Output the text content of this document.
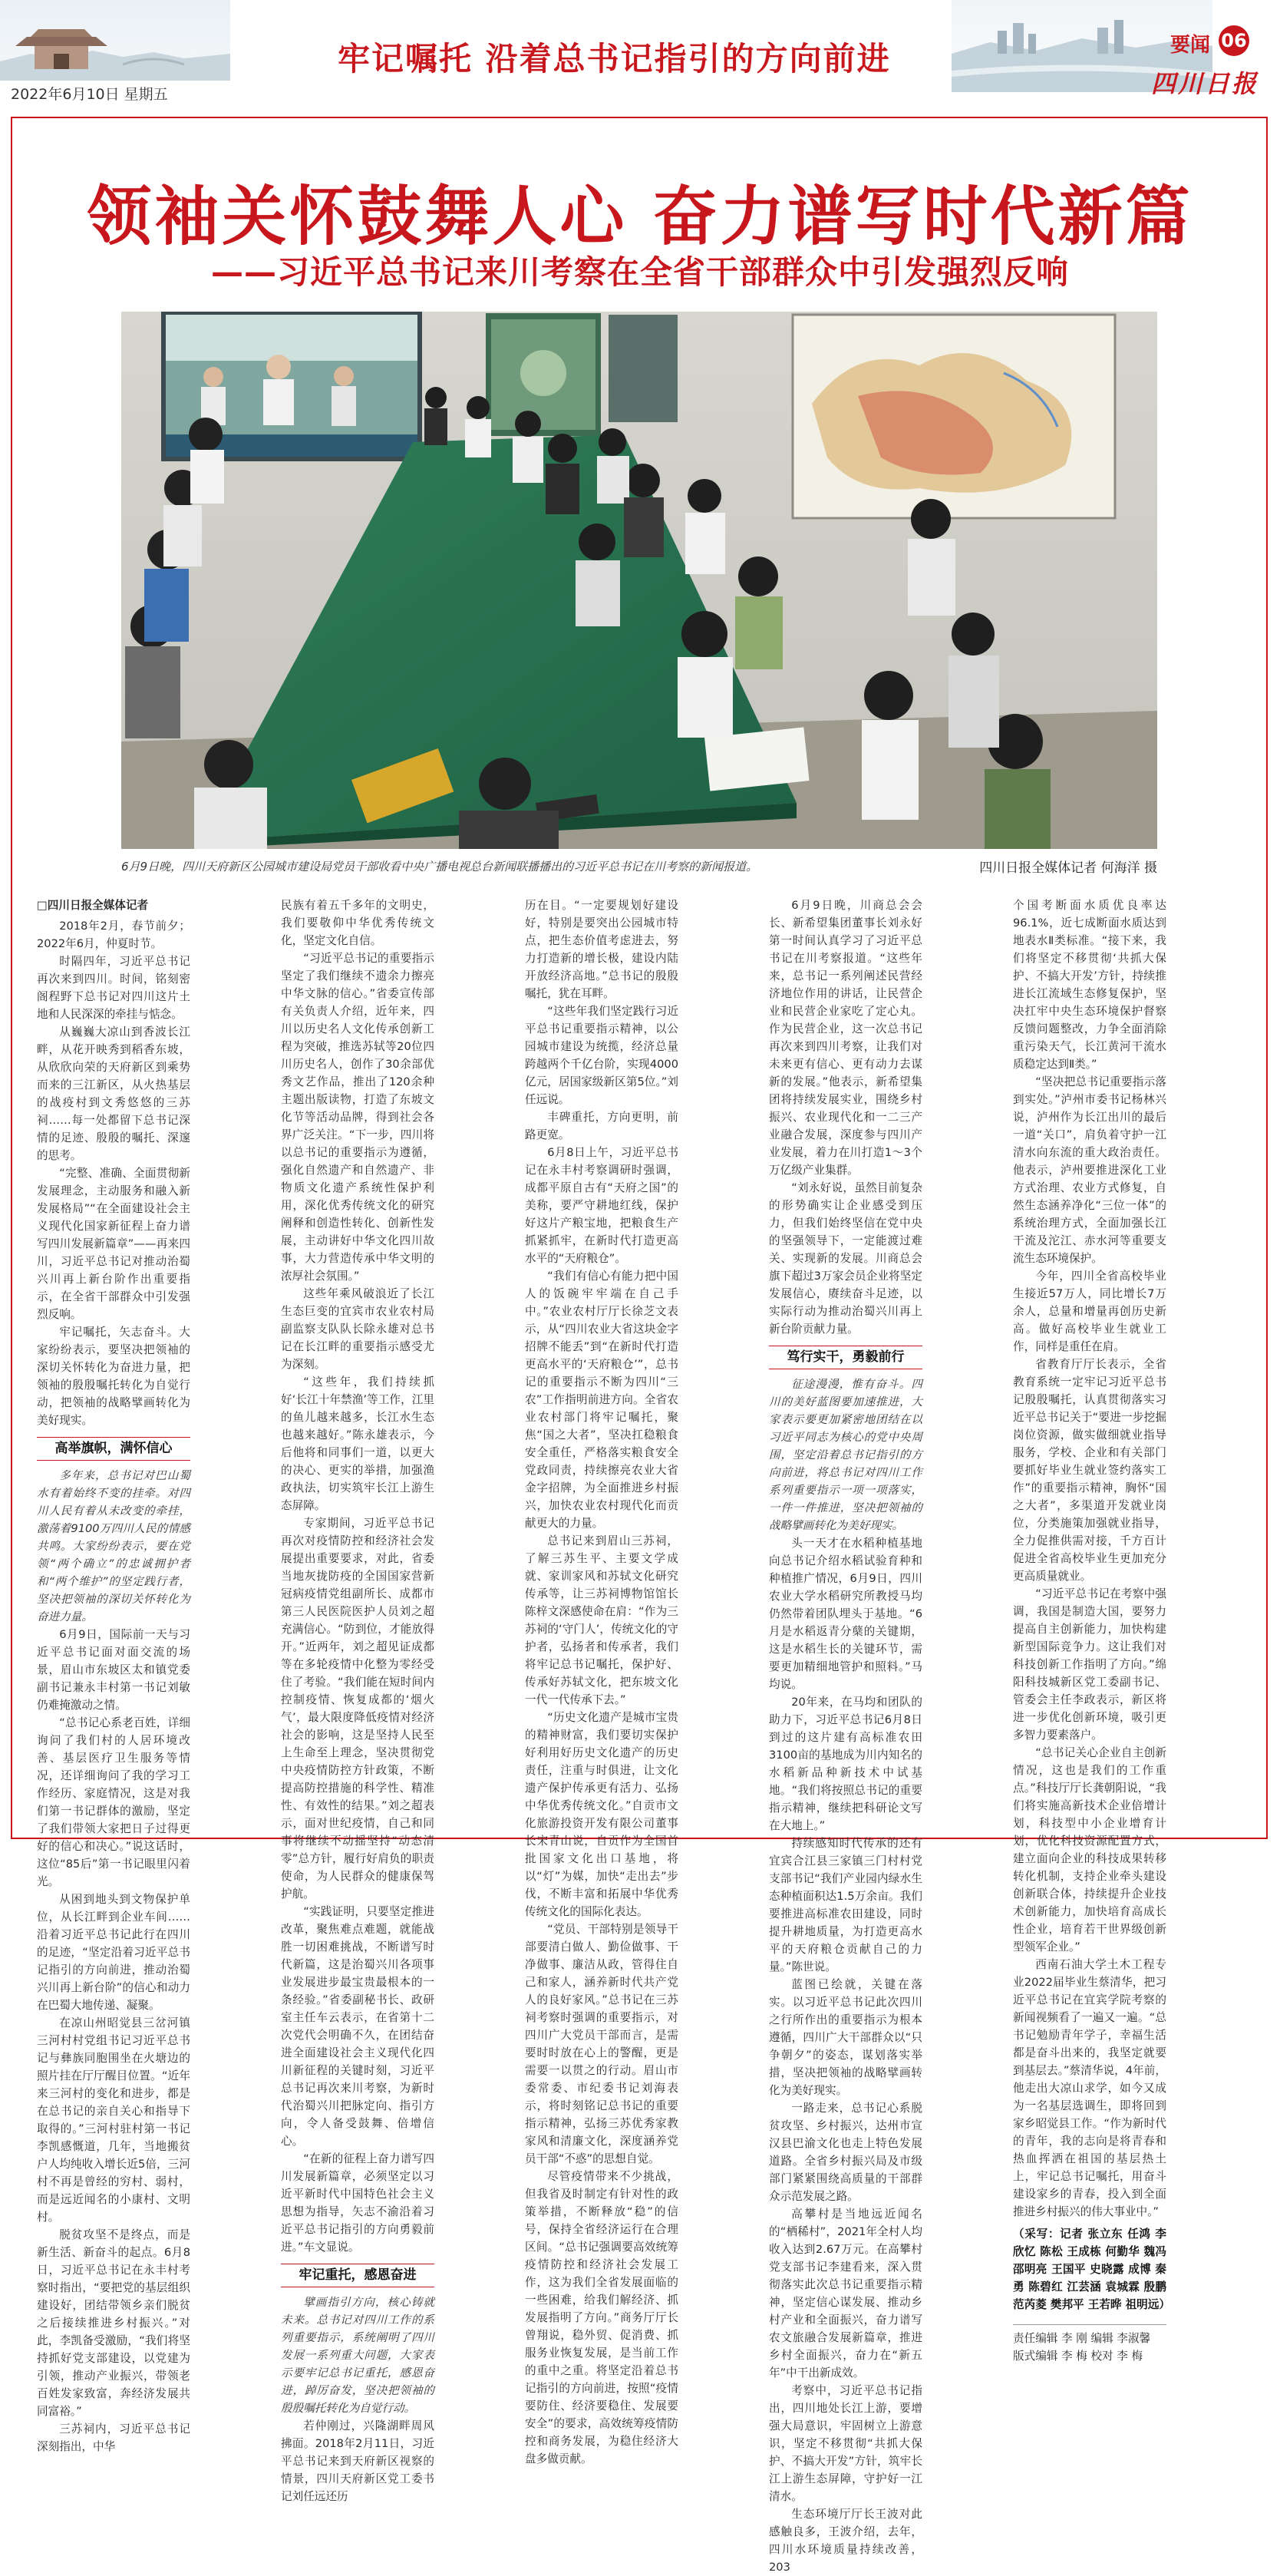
牢记嘱托 沿着总书记指引的方向前进
2022年6月10日 星期五
要闻 06
四川日报
领袖关怀鼓舞人心 奋力谱写时代新篇
——习近平总书记来川考察在全省干部群众中引发强烈反响
6月9日晚，四川天府新区公园城市建设局党员干部收看中央广播电视总台新闻联播播出的习近平总书记在川考察的新闻报道。	四川日报全媒体记者 何海洋 摄

□四川日报全媒体记者

2018年2月，春节前夕；2022年6月，仲夏时节。

时隔四年，习近平总书记再次来到四川。时间，铭刻密阁程野下总书记对四川这片土地和人民深深的牵挂与惦念。

从巍巍大凉山到香波长江畔，从花开映秀到稻香东坡，从欣欣向荣的天府新区到乘势而来的三江新区，从火热基层的战疫村到文秀悠悠的三苏祠……每一处都留下总书记深情的足迹、殷殷的嘱托、深邃的思考。

“完整、准确、全面贯彻新发展理念，主动服务和融入新发展格局”“在全面建设社会主义现代化国家新征程上奋力谱写四川发展新篇章”——再来四川，习近平总书记对推动治蜀兴川再上新台阶作出重要指示，在全省干部群众中引发强烈反响。

牢记嘱托，矢志奋斗。大家纷纷表示，要坚决把领袖的深切关怀转化为奋进力量，把领袖的殷殷嘱托转化为自觉行动，把领袖的战略擘画转化为美好现实。

高举旗帜，满怀信心

多年来，总书记对巴山蜀水有着始终不变的挂牵。对四川人民有着从未改变的牵挂，激荡着9100万四川人民的情感共鸣。大家纷纷表示，要在党领“两个确立”的忠诚拥护者和“两个维护”的坚定践行者，坚决把领袖的深切关怀转化为奋进力量。

6月9日，国际前一天与习近平总书记面对面交流的场景，眉山市东坡区太和镇党委副书记兼永丰村第一书记刘敏仍难掩激动之情。

“总书记心系老百姓，详细询问了我们村的人居环境改善、基层医疗卫生服务等情况，还详细询问了我的学习工作经历、家庭情况，这是对我们第一书记群体的激励，坚定了我们带领大家把日子过得更好的信心和决心。”说这话时，这位“85后”第一书记眼里闪着光。

从困到地头到文物保护单位，从长江畔到企业车间……沿着习近平总书记此行在四川的足迹，“坚定沿着习近平总书记指引的方向前进，推动治蜀兴川再上新台阶”的信心和动力在巴蜀大地传递、凝聚。

在凉山州昭觉县三岔河镇三河村村党组书记习近平总书记与彝族同胞围坐在火塘边的照片挂在厅厅醒目位置。“近年来三河村的变化和进步，都是在总书记的亲自关心和指导下取得的。”三河村驻村第一书记李凯感慨道，几年，当地搬贫户人均纯收入增长近5倍，三河村不再是曾经的穷村、弱村，而是远近闻名的小康村、文明村。

脱贫攻坚不是终点，而是新生活、新奋斗的起点。6月8日，习近平总书记在永丰村考察时指出，“要把党的基层组织建设好，团结带领乡亲们脱贫之后接续推进乡村振兴。”对此，李凯备受激励，“我们将坚持抓好党支部建设，以党建为引领，推动产业振兴，带领老百姓发家致富，奔经济发展共同富裕。”

三苏祠内，习近平总书记深刻指出，中华

民族有着五千多年的文明史，我们要敬仰中华优秀传统文化，坚定文化自信。

“习近平总书记的重要指示坚定了我们继续不遗余力擦亮中华文脉的信心。”省委宣传部有关负责人介绍，近年来，四川以历史名人文化传承创新工程为突破，推选苏轼等20位四川历史名人，创作了30余部优秀文艺作品，推出了120余种主题出版读物，打造了东坡文化节等活动品牌，得到社会各界广泛关注。“下一步，四川将以总书记的重要指示为遵循，强化自然遗产和自然遗产、非物质文化遗产系统性保护利用，深化优秀传统文化的研究阐释和创造性转化、创新性发展，主动讲好中华文化四川故事，大力营造传承中华文明的浓厚社会氛围。”

这些年乘风破浪近了长江生态巨变的宜宾市农业农村局副监察支队队长除永雄对总书记在长江畔的重要指示感受尤为深刻。

“这些年，我们持续抓好‘长江十年禁渔’等工作，江里的鱼儿越来越多，长江水生态也越来越好。”陈永雄表示，今后他将和同事们一道，以更大的决心、更实的举措，加强渔政执法，切实筑牢长江上游生态屏障。

专家期间，习近平总书记再次对疫情防控和经济社会发展提出重要要求，对此，省委当地灰拢防疫的全国国家营新冠病疫情党组副所长、成都市第三人民医院医护人员刘之超充满信心。“防到位，才能放得开。”近两年，刘之超见证成都等在多轮疫情中化整为零经受住了考验。“我们能在短时间内控制疫情、恢复成都的‘烟火气’，最大限度降低疫情对经济社会的影响，这是坚持人民至上生命至上理念，坚决贯彻党中央疫情防控方针政策，不断提高防控措施的科学性、精准性、有效性的结果。”刘之超表示，面对世纪疫情，自己和同事将继续不动摇坚持“动态清零”总方针，履行好肩负的职责使命，为人民群众的健康保驾护航。

“实践证明，只要坚定推进改革，聚焦难点难题，就能战胜一切困难挑战，不断谱写时代新篇，这是治蜀兴川各项事业发展进步最宝贵最根本的一条经验。”省委副秘书长、政研室主任车云表示，在省第十二次党代会明确不久，在团结奋进全面建设社会主义现代化四川新征程的关键时刻，习近平总书记再次来川考察，为新时代治蜀兴川把脉定向、指引方向，令人备受鼓舞、倍增信心。

“在新的征程上奋力谱写四川发展新篇章，必须坚定以习近平新时代中国特色社会主义思想为指导，矢志不渝沿着习近平总书记指引的方向勇毅前进。”车文显说。

牢记重托，感恩奋进

擘画指引方向，核心铸就未来。总书记对四川工作的系列重要指示，系统阐明了四川发展一系列重大问题，大家表示要牢记总书记重托，感恩奋进，踔厉奋发，坚决把领袖的殷殷嘱托转化为自觉行动。

若仲刚过，兴隆湖畔周风拂面。2018年2月11日，习近平总书记来到天府新区视察的情景，四川天府新区党工委书记刘任远还历

历在目。“一定要规划好建设好，特别是要突出公园城市特点，把生态价值考虑进去，努力打造新的增长极，建设内陆开放经济高地。”总书记的殷殷嘱托，犹在耳畔。

“这些年我们坚定践行习近平总书记重要指示精神，以公园城市建设为统揽，经济总量跨越两个千亿台阶，实现4000亿元，居国家级新区第5位。”刘任远说。

丰碑重托，方向更明，前路更宽。

6月8日上午，习近平总书记在永丰村考察调研时强调，成都平原自古有“天府之国”的美称，要严守耕地红线，保护好这片产粮宝地，把粮食生产抓紧抓牢，在新时代打造更高水平的“天府粮仓”。

“我们有信心有能力把中国人的饭碗牢牢端在自己手中。”农业农村厅厅长徐芝文表示，从“四川农业大省这块金字招牌不能丢”到“在新时代打造更高水平的‘天府粮仓’”，总书记的重要指示不断为四川“三农”工作指明前进方向。全省农业农村部门将牢记嘱托，聚焦“国之大者”，坚决扛稳粮食安全重任，严格落实粮食安全党政同责，持续擦亮农业大省金字招牌，为全面推进乡村振兴，加快农业农村现代化而贡献更大的力量。

总书记来到眉山三苏祠，了解三苏生平、主要文学成就、家训家风和苏轼文化研究传承等，让三苏祠博物馆馆长陈梓文深感使命在肩：“作为三苏祠的‘守门人’，传统文化的守护者，弘扬者和传承者，我们将牢记总书记嘱托，保护好、传承好苏轼文化，把东坡文化一代一代传承下去。”

“历史文化遗产是城市宝贵的精神财富，我们要切实保护好利用好历史文化遗产的历史责任，注重与时俱进，让文化遗产保护传承更有活力、弘扬中华优秀传统文化。”自贡市文化旅游投资开发有限公司董事长宋青山说，自贡作为全国首批国家文化出口基地，将以“灯”为媒，加快“走出去”步伐，不断丰富和拓展中华优秀传统文化的国际化表达。

“党员、干部特别是领导干部要清白做人、勤俭做事、干净做事、廉洁从政，管得住自己和家人，涵养新时代共产党人的良好家风。”总书记在三苏祠考察时强调的重要指示，对四川广大党员干部而言，是需要时时放在心上的警醒，更是需要一以贯之的行动。眉山市委常委、市纪委书记刘海表示，将时刻铭记总书记的重要指示精神，弘扬三苏优秀家教家风和清廉文化，深度涵养党员干部“不惑”的思想自觉。

尽管疫情带来不少挑战，但我省及时制定有针对性的政策举措，不断释放“稳”的信号，保持全省经济运行在合理区间。“总书记强调要高效统筹疫情防控和经济社会发展工作，这为我们全省发展面临的一些困难，给我们解经济、抓发展指明了方向。”商务厅厅长曾翔说，稳外贸、促消费、抓服务业恢复发展，是当前工作的重中之重。将坚定沿着总书记指引的方向前进，按照“疫情要防住、经济要稳住、发展要安全”的要求，高效统筹疫情防控和商务发展，为稳住经济大盘多做贡献。

6月9日晚，川商总会会长、新希望集团董事长刘永好第一时间认真学习了习近平总书记在川考察报道。“这些年来，总书记一系列阐述民营经济地位作用的讲话，让民营企业和民营企业家吃了定心丸。作为民营企业，这一次总书记再次来到四川考察，让我们对未来更有信心、更有动力去谋新的发展。”他表示，新希望集团将持续发展实业，围绕乡村振兴、农业现代化和一二三产业融合发展，深度参与四川产业发展，着力在川打造1～3个万亿级产业集群。

“刘永好说，虽然目前复杂的形势确实让企业感受到压力，但我们始终坚信在党中央的坚强领导下，一定能渡过难关、实现新的发展。川商总会旗下超过3万家会员企业将坚定发展信心，赓续奋斗足迹，以实际行动为推动治蜀兴川再上新台阶贡献力量。

笃行实干，勇毅前行

征途漫漫，惟有奋斗。四川的美好蓝图要加速推进，大家表示要更加紧密地团结在以习近平同志为核心的党中央周围，坚定沿着总书记指引的方向前进，将总书记对四川工作系列重要指示一项一项落实，一件一件推进，坚决把领袖的战略擘画转化为美好现实。

头一天才在水稻种植基地向总书记介绍水稻试验育种和种植推广情况，6月9日，四川农业大学水稻研究所教授马均仍然带着团队埋头于基地。“6月是水稻返青分蘖的关键期，这是水稻生长的关键环节，需要更加精细地管护和照料。”马均说。

20年来，在马均和团队的助力下，习近平总书记6月8日到过的这片建有高标准农田3100亩的基地成为川内知名的水稻新品种新技术中试基地。“我们将按照总书记的重要指示精神，继续把科研论文写在大地上。”

持续感知时代传承的还有宜宾合江县三家镇三门村村党支部书记“我们产业园内绿水生态种植面积达1.5万余亩。我们要推进高标准农田建设，同时提升耕地质量，为打造更高水平的天府粮仓贡献自己的力量。”陈世说。

蓝图已绘就，关键在落实。以习近平总书记此次四川之行所作出的重要指示为根本遵循，四川广大干部群众以“只争朝夕”的姿态，谋划落实举措，坚决把领袖的战略擘画转化为美好现实。

一路走来，总书记心系脱贫攻坚、乡村振兴，达州市宣汉县巴渝文化也走上特色发展道路。全省乡村振兴局及市级部门紧紧围绕高质量的干部群众示范发展之路。

高攀村是当地远近闻名的“栖稀村”，2021年全村人均收入达到2.67万元。在高攀村党支部书记李建看来，深入贯彻落实此次总书记重要指示精神，坚定信心谋发展、推动乡村产业和全面振兴，奋力谱写农文旅融合发展新篇章，推进乡村全面振兴，奋力在“新五年”中干出新成效。

考察中，习近平总书记指出，四川地处长江上游，要增强大局意识，牢固树立上游意识，坚定不移贯彻“共抓大保护、不搞大开发”方针，筑牢长江上游生态屏障，守护好一江清水。

生态环境厅厅长王波对此感触良多，王波介绍，去年，四川水环境质量持续改善，203

个国考断面水质优良率达96.1%，近七成断面水质达到地表水Ⅱ类标准。“接下来，我们将坚定不移贯彻‘共抓大保护、不搞大开发’方针，持续推进长江流域生态修复保护，坚决扛牢中央生态环境保护督察反馈问题整改，力争全面消除重污染天气，长江黄河干流水质稳定达到Ⅱ类。”

“坚决把总书记重要指示落到实处。”泸州市委书记杨林兴说，泸州作为长江出川的最后一道“关口”，肩负着守护一江清水向东流的重大政治责任。他表示，泸州要推进深化工业方式治理、农业方式修复，自然生态涵养净化“三位一体”的系统治理方式，全面加强长江干流及沱江、赤水河等重要支流生态环境保护。

今年，四川全省高校毕业生接近57万人，同比增长7万余人，总量和增量再创历史新高。做好高校毕业生就业工作，同样是重任在肩。

省教育厅厅长表示，全省教育系统一定牢记习近平总书记殷殷嘱托，认真贯彻落实习近平总书记关于“要进一步挖掘岗位资源，做实做细就业指导服务，学校、企业和有关部门要抓好毕业生就业签约落实工作”的重要指示精神，胸怀“国之大者”，多渠道开发就业岗位，分类施策加强就业指导，全力促推供需对接，千方百计促进全省高校毕业生更加充分更高质量就业。

“习近平总书记在考察中强调，我国是制造大国，要努力提高自主创新能力，加快构建新型国际竞争力。这让我们对科技创新工作指明了方向。”绵阳科技城新区党工委副书记、管委会主任李政表示，新区将进一步优化创新环境，吸引更多智力要素落户。

“总书记关心企业自主创新情况，这也是我们的工作重点。”科技厅厅长龚朝阳说，“我们将实施高新技术企业倍增计划，科技型中小企业增育计划，优化科技资源配置方式，建立面向企业的科技成果转移转化机制，支持企业牵头建设创新联合体，持续提升企业技术创新能力，加快培育高成长性企业，培育若干世界级创新型领军企业。”

西南石油大学土木工程专业2022届毕业生蔡清华，把习近平总书记在宜宾学院考察的新闻视频看了一遍又一遍。“总书记勉励青年学子，幸福生活都是奋斗出来的，我坚定就要到基层去。”蔡清华说，4年前，他走出大凉山求学，如今又成为一名基层选调生，即将回到家乡昭觉县工作。“作为新时代的青年，我的志向是将青春和热血挥洒在祖国的基层热土上，牢记总书记嘱托，用奋斗建设家乡的青春，投入到全面推进乡村振兴的伟大事业中。”

（采写：记者 张立东 任鸿 李欣忆 陈松 王成栋 何勤华 魏冯 邵明亮 王国平 史晓露 成博 秦勇 陈碧红 江芸涵 袁城霖 殷鹏 范芮菱 樊邦平 王若晔 祖明远）

责任编辑 李 刚 编辑 李淑馨

版式编辑 李 梅 校对 李 梅
